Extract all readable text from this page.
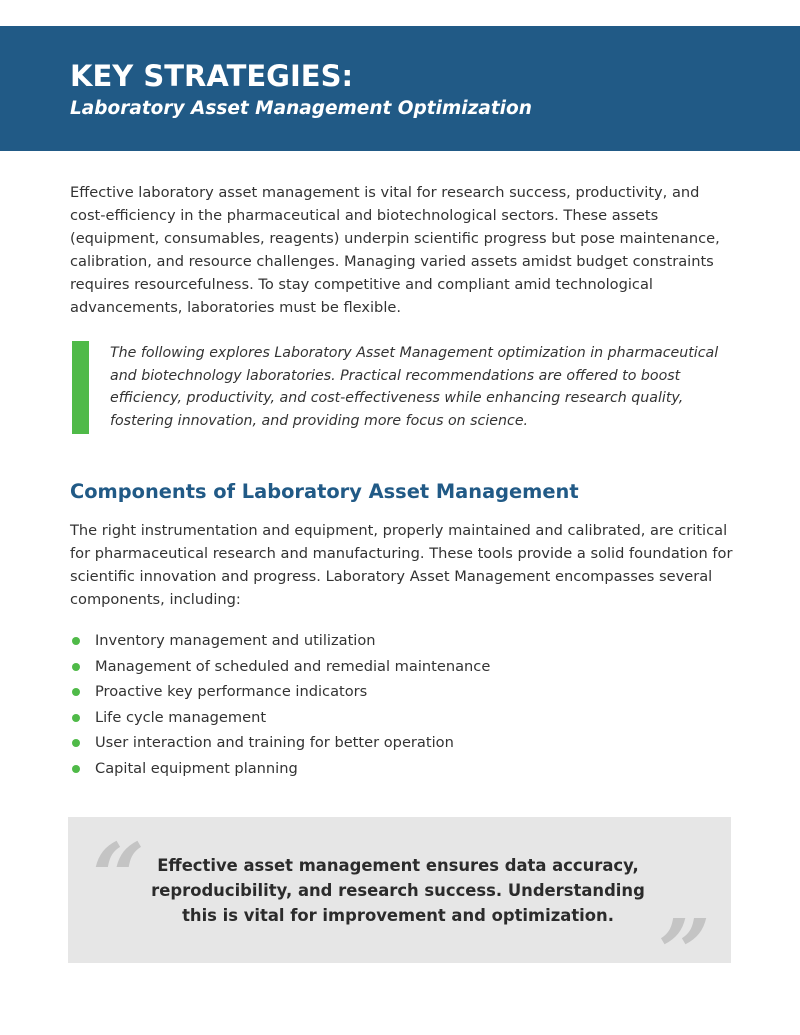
KEY STRATEGIES:
Laboratory Asset Management Optimization

Effective laboratory asset management is vital for research success, productivity, and cost-efficiency in the pharmaceutical and biotechnological sectors. These assets (equipment, consumables, reagents) underpin scientific progress but pose maintenance, calibration, and resource challenges. Managing varied assets amidst budget constraints requires resourcefulness. To stay competitive and compliant amid technological advancements, laboratories must be flexible.

The following explores Laboratory Asset Management optimization in pharmaceutical and biotechnology laboratories. Practical recommendations are offered to boost efficiency, productivity, and cost-effectiveness while enhancing research quality, fostering innovation, and providing more focus on science.

Components of Laboratory Asset Management

The right instrumentation and equipment, properly maintained and calibrated, are critical for pharmaceutical research and manufacturing. These tools provide a solid foundation for scientific innovation and progress. Laboratory Asset Management encompasses several components, including:

Inventory management and utilization
Management of scheduled and remedial maintenance
Proactive key performance indicators
Life cycle management
User interaction and training for better operation
Capital equipment planning
“ Effective asset management ensures data accuracy, reproducibility, and research success. Understanding this is vital for improvement and optimization. ”
